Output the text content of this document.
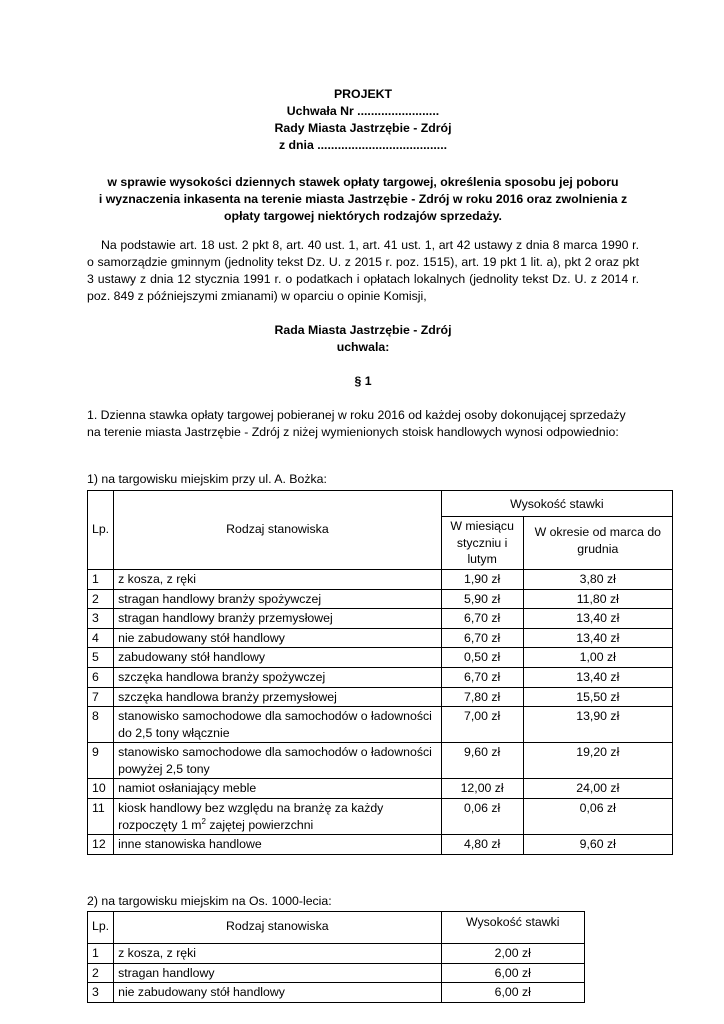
PROJEKT
Uchwała Nr ........................
Rady Miasta Jastrzębie - Zdrój
z dnia ......................................
w sprawie wysokości dziennych stawek opłaty targowej, określenia sposobu jej poboru
i wyznaczenia inkasenta na terenie miasta Jastrzębie - Zdrój w roku 2016 oraz zwolnienia z
opłaty targowej niektórych rodzajów sprzedaży.
Na podstawie art. 18 ust. 2 pkt 8, art. 40 ust. 1, art. 41 ust. 1, art 42 ustawy z dnia 8 marca 1990 r. o samorządzie gminnym (jednolity tekst Dz. U. z 2015 r. poz. 1515), art. 19 pkt 1 lit. a), pkt 2 oraz pkt 3 ustawy z dnia 12 stycznia 1991 r. o podatkach i opłatach lokalnych (jednolity tekst Dz. U. z 2014 r. poz. 849 z późniejszymi zmianami) w oparciu o opinie Komisji,
Rada Miasta Jastrzębie - Zdrój
uchwala:
§ 1
1. Dzienna stawka opłaty targowej pobieranej w roku 2016 od każdej osoby dokonującej sprzedaży na terenie miasta Jastrzębie - Zdrój z niżej wymienionych stoisk handlowych wynosi odpowiednio:
1) na targowisku miejskim przy ul. A. Bożka:
Lp.	Rodzaj stanowiska	Wysokość stawki	
		W miesiącu styczniu i lutym	W okresie od marca do grudnia
1	z kosza, z ręki	1,90 zł	3,80 zł
2	stragan handlowy branży spożywczej	5,90 zł	11,80 zł
3	stragan handlowy branży przemysłowej	6,70 zł	13,40 zł
4	nie zabudowany stół handlowy	6,70 zł	13,40 zł
5	zabudowany stół handlowy	0,50 zł	1,00 zł
6	szczęka handlowa branży spożywczej	6,70 zł	13,40 zł
7	szczęka handlowa branży przemysłowej	7,80 zł	15,50 zł
8	stanowisko samochodowe dla samochodów o ładowności do 2,5 tony włącznie	7,00 zł	13,90 zł
9	stanowisko samochodowe dla samochodów o ładowności powyżej 2,5 tony	9,60 zł	19,20 zł
10	namiot osłaniający meble	12,00 zł	24,00 zł
11	kiosk handlowy bez względu na branżę za każdy rozpoczęty 1 $m^2$ zajętej powierzchni	0,06 zł	0,06 zł
12	inne stanowiska handlowe	4,80 zł	9,60 zł
2) na targowisku miejskim na Os. 1000-lecia:
Lp.	Rodzaj stanowiska	Wysokość stawki
1	z kosza, z ręki	2,00 zł
2	stragan handlowy	6,00 zł
3	nie zabudowany stół handlowy	6,00 zł
